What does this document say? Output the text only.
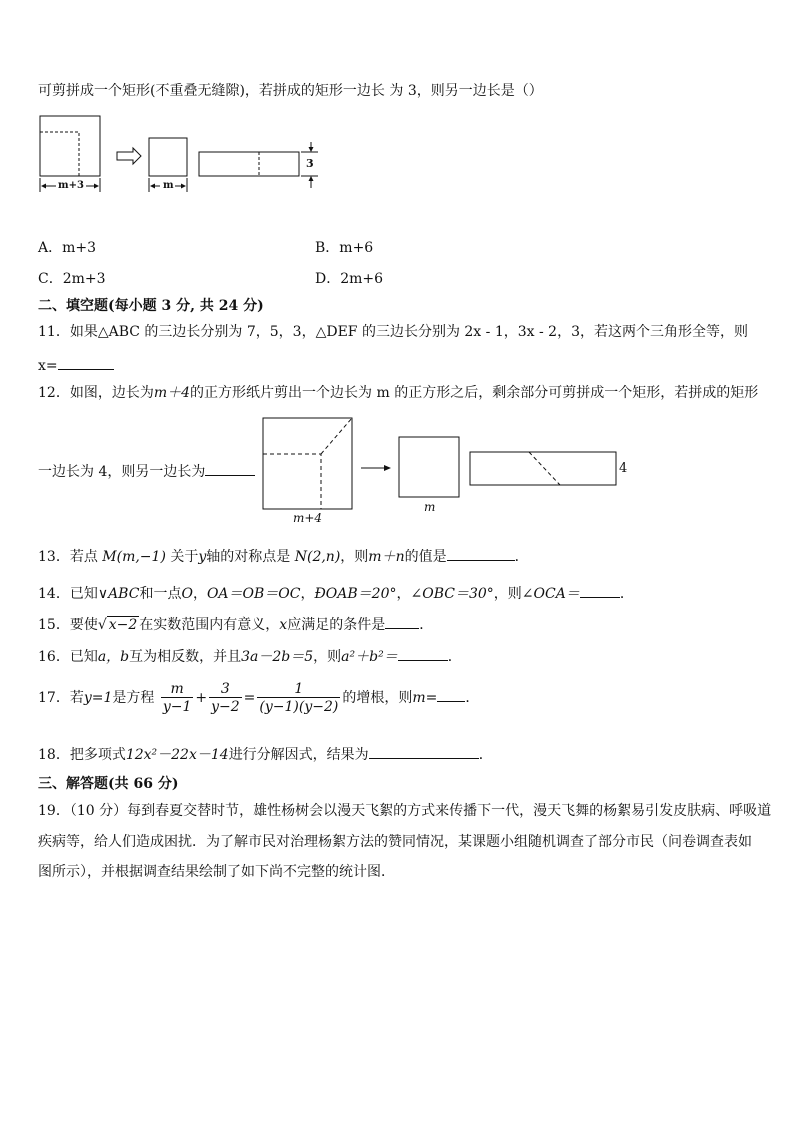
可剪拼成一个矩形(不重叠无缝隙)，若拼成的矩形一边长 为 3，则另一边长是（）
m+3	m
3
A．m+3	B．m+6
C．2m+3	D．2m+6
二、填空题(每小题 3 分, 共 24 分)
11．如果△ABC 的三边长分别为 7，5，3，△DEF 的三边长分别为 2x - 1，3x - 2，3，若这两个三角形全等，则
x=
12．如图，边长为m＋4的正方形纸片剪出一个边长为 m 的正方形之后，剩余部分可剪拼成一个矩形，若拼成的矩形
一边长为 4，则另一边长为
m+4
m
4
13．若点 M(m,−1) 关于y轴的对称点是 N(2,n)，则m＋n的值是	．
14．已知∨ABC和一点O，OA＝OB＝OC，ÐOAB＝20°，∠OBC＝30°，则∠OCA＝	．
15．要使√ x−2 在实数范围内有意义，x应满足的条件是 ．
16．已知a，b互为相反数，并且3a－2b＝5，则a²＋b²＝	．
17．若y=1是方程 $\frac{m}{y-1} + \frac{3}{y-2} = \frac{1}{(y-1)(y-2)}$ 的增根，则m= ．
18．把多项式12x²－22x－14进行分解因式，结果为	．
三、解答题(共 66 分)
19．（10 分）每到春夏交替时节，雄性杨树会以漫天飞絮的方式来传播下一代，漫天飞舞的杨絮易引发皮肤病、呼吸道
疾病等，给人们造成困扰．为了解市民对治理杨絮方法的赞同情况，某课题小组随机调查了部分市民（问卷调查表如
图所示），并根据调查结果绘制了如下尚不完整的统计图．
